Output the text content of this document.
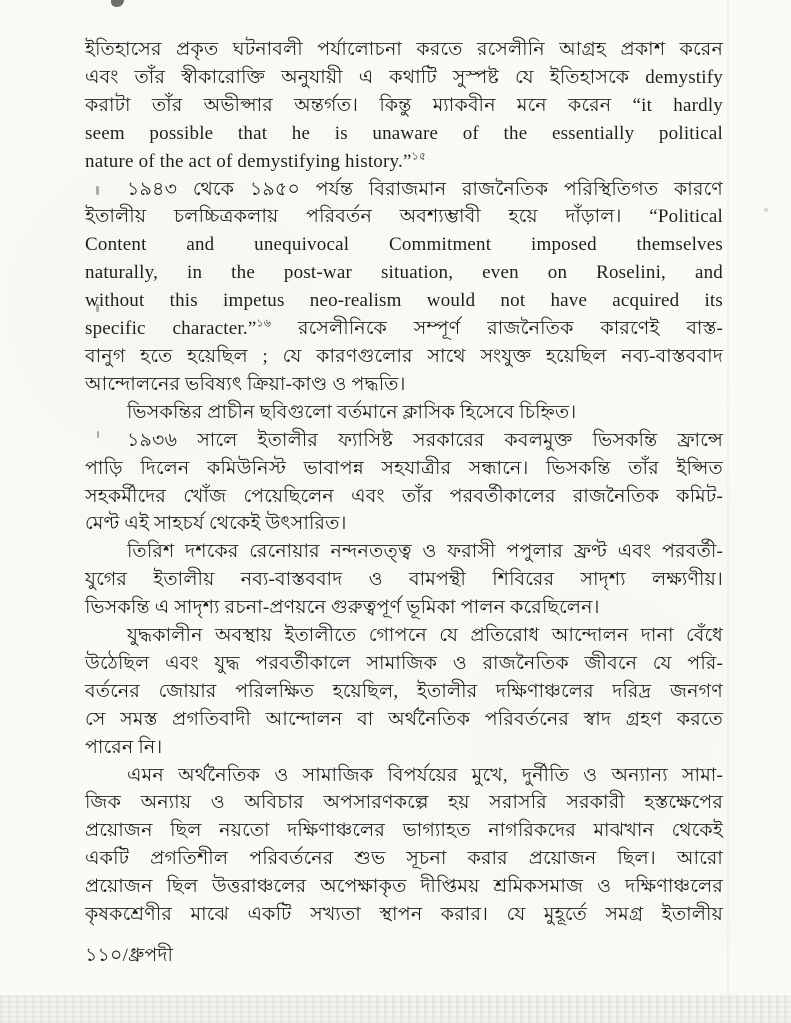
ইতিহাসের প্রকৃত ঘটনাবলী পর্যালোচনা করতে রসেলীনি আগ্রহ প্রকাশ করেন
এবং তাঁর স্বীকারোক্তি অনুযায়ী এ কথাটি সুস্পষ্ট যে ইতিহাসকে demystify
করাটা তাঁর অভীপ্সার অন্তর্গত। কিন্তু ম্যাকবীন মনে করেন “it hardly
seem possible that he is unaware of the essentially political
nature of the act of demystifying history.”$^{১৫}$
১৯৪৩ থেকে ১৯৫০ পর্যন্ত বিরাজমান রাজনৈতিক পরিস্থিতিগত কারণে
ইতালীয় চলচ্চিত্রকলায় পরিবর্তন অবশ্যম্ভাবী হয়ে দাঁড়াল। “Political
Content and unequivocal Commitment imposed themselves
naturally, in the post-war situation, even on Roselini, and
without this impetus neo-realism would not have acquired its
specific character.”$^{১৬}$ রসেলীনিকে সম্পূর্ণ রাজনৈতিক কারণেই বাস্ত-
বানুগ হতে হয়েছিল ; যে কারণগুলোর সাথে সংযুক্ত হয়েছিল নব্য-বাস্তববাদ
আন্দোলনের ভবিষ্যৎ ক্রিয়া-কাণ্ড ও পদ্ধতি।
ভিসকন্তির প্রাচীন ছবিগুলো বর্তমানে ক্লাসিক হিসেবে চিহ্নিত।
১৯৩৬ সালে ইতালীর ফ্যাসিষ্ট সরকারের কবলমুক্ত ভিসকন্তি ফ্রান্সে
পাড়ি দিলেন কমিউনিস্ট ভাবাপন্ন সহযাত্রীর সন্ধানে। ভিসকন্তি তাঁর ইপ্সিত
সহকর্মীদের খোঁজ পেয়েছিলেন এবং তাঁর পরবর্তীকালের রাজনৈতিক কমিট-
মেণ্ট এই সাহচর্য থেকেই উৎসারিত।
তিরিশ দশকের রেনোয়ার নন্দনতত্ত্ব ও ফরাসী পপুলার ফ্রণ্ট এবং পরবর্তী-
যুগের ইতালীয় নব্য-বাস্তববাদ ও বামপন্থী শিবিরের সাদৃশ্য লক্ষ্যণীয়।
ভিসকন্তি এ সাদৃশ্য রচনা-প্রণয়নে গুরুত্বপূর্ণ ভূমিকা পালন করেছিলেন।
যুদ্ধকালীন অবস্থায় ইতালীতে গোপনে যে প্রতিরোধ আন্দোলন দানা বেঁধে
উঠেছিল এবং যুদ্ধ পরবর্তীকালে সামাজিক ও রাজনৈতিক জীবনে যে পরি-
বর্তনের জোয়ার পরিলক্ষিত হয়েছিল, ইতালীর দক্ষিণাঞ্চলের দরিদ্র জনগণ
সে সমস্ত প্রগতিবাদী আন্দোলন বা অর্থনৈতিক পরিবর্তনের স্বাদ গ্রহণ করতে
পারেন নি।
এমন অর্থনৈতিক ও সামাজিক বিপর্যয়ের মুখে, দুর্নীতি ও অন্যান্য সামা-
জিক অন্যায় ও অবিচার অপসারণকল্পে হয় সরাসরি সরকারী হস্তক্ষেপের
প্রয়োজন ছিল নয়তো দক্ষিণাঞ্চলের ভাগ্যাহত নাগরিকদের মাঝখান থেকেই
একটি প্রগতিশীল পরিবর্তনের শুভ সূচনা করার প্রয়োজন ছিল। আরো
প্রয়োজন ছিল উত্তরাঞ্চলের অপেক্ষাকৃত দীপ্তিময় শ্রমিকসমাজ ও দক্ষিণাঞ্চলের
কৃষকশ্রেণীর মাঝে একটি সখ্যতা স্থাপন করার। যে মুহূর্তে সমগ্র ইতালীয়
১১০/ধ্রুপদী
